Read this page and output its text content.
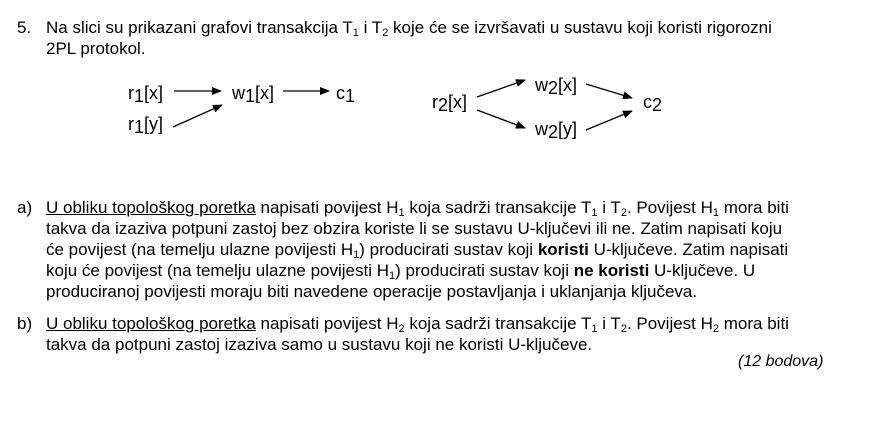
5. Na slici su prikazani grafovi transakcija $T_1$ i $T_2$ koje će se izvršavati u sustavu koji koristi rigorozni
2PL protokol.
r1[x]
r1[y]
w1[x]	c1	r2[x]
w2[x]
w2[y]
c2
a) U obliku topološkog poretka napisati povijest $H_1$ koja sadrži transakcije $T_1$ i $T_2$. Povijest $H_1$ mora biti
takva da izaziva potpuni zastoj bez obzira koriste li se sustavu U-ključevi ili ne. Zatim napisati koju
će povijest (na temelju ulazne povijesti $H_1$) producirati sustav koji koristi U-ključeve. Zatim napisati
koju će povijest (na temelju ulazne povijesti $H_1$) producirati sustav koji ne koristi U-ključeve. U
produciranoj povijesti moraju biti navedene operacije postavljanja i uklanjanja ključeva.
b) U obliku topološkog poretka napisati povijest $H_2$ koja sadrži transakcije $T_1$ i $T_2$. Povijest $H_2$ mora biti
takva da potpuni zastoj izaziva samo u sustavu koji ne koristi U-ključeve.
(12 bodova)
